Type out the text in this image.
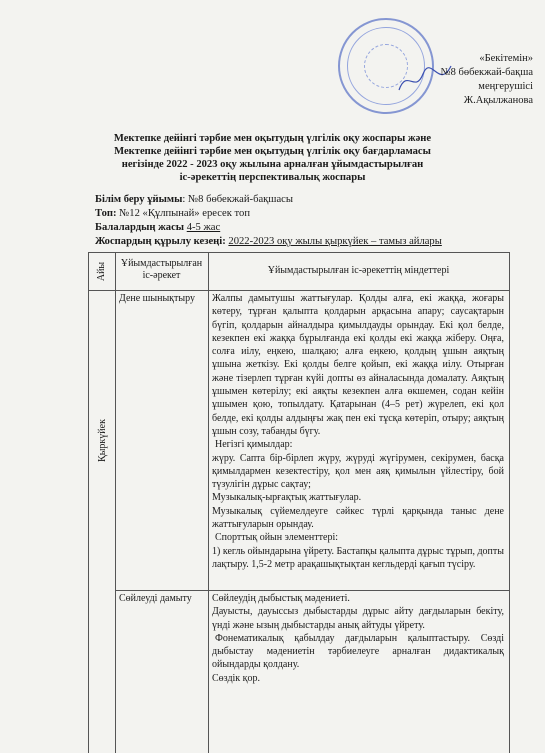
«Бекітемін»
№8 бөбекжай-бақша
меңгерушісі
Ж.Ақылжанова
Мектепке дейінгі тәрбие мен оқытудың үлгілік оқу жоспары және
Мектепке дейінгі тәрбие мен оқытудың үлгілік оқу бағдарламасы
негізінде 2022 - 2023 оқу жылына арналған ұйымдастырылған
іс-әрекеттің перспективалық жоспары
Білім беру ұйымы: №8 бөбекжай-бақшасы
Топ: №12 «Құлпынай» ересек топ
Балалардың жасы 4-5 жас
Жоспардың құрылу кезеңі: 2022-2023 оқу жылы қыркүйек – тамыз айлары
Айы	Ұйымдастырылған іс-әрекет	Ұйымдастырылған іс-әрекеттің міндеттері
Қыркүйек
Дене шынықтыру	Жалпы дамытушы жаттығулар. Қолды алға, екі жаққа, жоғары көтеру, тұрған қалыпта қолдарын арқасына апару; саусақтарын бүгіп, қолдарын айналдыра қимылдауды орындау. Екі қол белде, кезекпен екі жаққа бұрылғанда екі қолды екі жаққа жіберу. Оңға, солға иілу, еңкею, шалқаю; алға еңкею, қолдың ұшын аяқтың ұшына жеткізу. Екі қолды белге қойып, екі жаққа иілу. Отырған және тізерлеп тұрған күйі допты өз айналасында домалату. Аяқтың ұшымен көтерілу; екі аяқты кезекпен алға өкшемен, содан кейін ұшымен қою, топылдату. Қатарынан (4–5 рет) жүрелеп, екі қол белде, екі қолды алдыңғы жақ пен екі тұсқа көтеріп, отыру; аяқтың ұшын созу, табанды бүгу.

Негізгі қимылдар:

жүру. Сапта бір-бірлеп жүру, жүруді жүгірумен, секірумен, басқа қимылдармен кезектестіру, қол мен аяқ қимылын үйлестіру, бой түзулігін дұрыс сақтау;

Музыкалық-ырғақтық жаттығулар.

Музыкалық сүйемелдеуге сәйкес түрлі қарқында таныс дене жаттығуларын орындау.

Спорттық ойын элементтері:

1) кегль ойындарына үйрету. Бастапқы қалыпта дұрыс тұрып, допты лақтыру. 1,5-2 метр арақашықтықтан кегльдерді қағып түсіру.

Сөйлеуді дамыту	Сөйлеудің дыбыстық мәдениеті.

Дауысты, дауыссыз дыбыстарды дұрыс айту дағдыларын бекіту, үнді және ызың дыбыстарды анық айтуды үйрету.

Фонематикалық қабылдау дағдыларын қалыптастыру. Сөзді дыбыстау мәдениетін тәрбиелеуге арналған дидактикалық ойындарды қолдану.

Сөздік қор.
